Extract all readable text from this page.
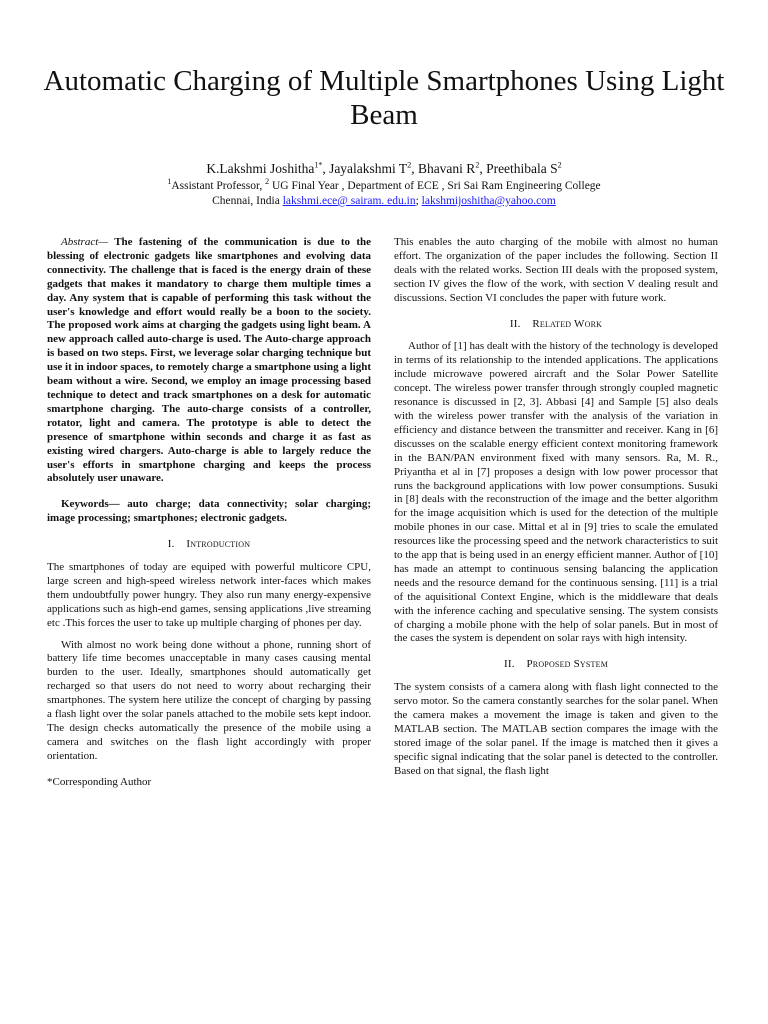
Automatic Charging of Multiple Smartphones Using Light Beam
K.Lakshmi Joshitha$^{1*}$, Jayalakshmi $T^2$, Bhavani $R^2$, Preethibala $S^2$
$^1$Assistant Professor, $^2$ UG Final Year , Department of ECE , Sri Sai Ram Engineering College
Chennai, India lakshmi.ece@ sairam. edu.in; lakshmijoshitha@yahoo.com

Abstract— The fastening of the communication is due to the blessing of electronic gadgets like smartphones and evolving data connectivity. The challenge that is faced is the energy drain of these gadgets that makes it mandatory to charge them multiple times a day. Any system that is capable of performing this task without the user's knowledge and effort would really be a boon to the society. The proposed work aims at charging the gadgets using light beam. A new approach called auto-charge is used. The Auto-charge approach is based on two steps. First, we leverage solar charging technique but use it in indoor spaces, to remotely charge a smartphone using a light beam without a wire. Second, we employ an image processing based technique to detect and track smartphones on a desk for automatic smartphone charging. The auto-charge consists of a controller, rotator, light and camera. The prototype is able to detect the presence of smartphone within seconds and charge it as fast as existing wired chargers. Auto-charge is able to largely reduce the user's efforts in smartphone charging and keeps the process absolutely user unaware.

Keywords— auto charge; data connectivity; solar charging; image processing; smartphones; electronic gadgets.

I.    Introduction

The smartphones of today are equiped with powerful multicore CPU, large screen and high-speed wireless network inter-faces which makes them undoubtfully power hungry. They also run many energy-expensive applications such as high-end games, sensing applications ,live streaming etc .This forces the user to take up multiple charging of phones per day.

With almost no work being done without a phone, running short of battery life time becomes unacceptable in many cases causing mental burden to the user. Ideally, smartphones should automatically get recharged so that users do not need to worry about recharging their smartphones. The system here utilize the concept of charging by passing a flash light over the solar panels attached to the mobile sets kept indoor. The design checks automatically the presence of the mobile using a camera and switches on the flash light accordingly with proper orientation.

*Corresponding Author

This enables the auto charging of the mobile with almost no human effort. The organization of the paper includes the following. Section II deals with the related works. Section III deals with the proposed system, section IV gives the flow of the work, with section V dealing result and discussions. Section VI concludes the paper with future work.

II.    Related Work

Author of [1] has dealt with the history of the technology is developed in terms of its relationship to the intended applications. The applications include microwave powered aircraft and the Solar Power Satellite concept. The wireless power transfer through strongly coupled magnetic resonance is discussed in [2, 3]. Abbasi [4] and Sample [5] also deals with the wireless power transfer with the analysis of the variation in efficiency and distance between the transmitter and receiver. Kang in [6] discusses on the scalable energy efficient context monitoring framework in the BAN/PAN environment fixed with many sensors. Ra, M. R., Priyantha et al in [7] proposes a design with low power processor that runs the background applications with low power consumptions. Susuki in [8] deals with the reconstruction of the image and the better algorithm for the image acquisition which is used for the detection of the multiple mobile phones in our case. Mittal et al in [9] tries to scale the emulated resources like the processing speed and the network characteristics to suit to the app that is being used in an energy efficient manner. Author of [10] has made an attempt to continuous sensing balancing the application needs and the resource demand for the continuous sensing. [11] is a trial of the aquisitional Context Engine, which is the middleware that deals with the inference caching and speculative sensing. The system consists of charging a mobile phone with the help of solar panels. But in most of the cases the system is dependent on solar rays with high intensity.

II.    Proposed System

The system consists of a camera along with flash light connected to the servo motor. So the camera constantly searches for the solar panel. When the camera makes a movement the image is taken and given to the MATLAB section. The MATLAB section compares the image with the stored image of the solar panel. If the image is matched then it gives a specific signal indicating that the solar panel is detected to the controller. Based on that signal, the flash light
